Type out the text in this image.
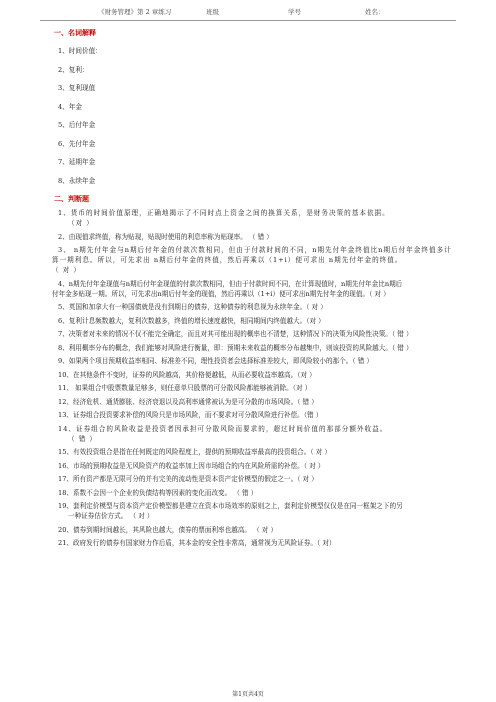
《财务管理》第 2 章练习	班级	学号	姓名：
一、名词解释
1、时间价值：
2、复利：
3、复利现值
4、年金
5、后付年金
6、先付年金
7、延期年金
8、永续年金
二、判断题
1、货币的时间价值原理，正确地揭示了不同时点上资金之间的换算关系，是财务决策的基本依据。
（对 ）
2、由现值求终值，称为贴现，贴现时使用的利息率称为贴现率。 （ 错 ）
3、 n期先付年金与n期后付年金的付款次数相同，但由于付款时间的不同，n期先付年金终值比n期后付年金终值多计
算一期利息。所以，可先求出 n期后付年金的终值，然后再乘以（1+i）便可求出 n期先付年金的终值。
（ 对 ）
4、n期先付年金现值与n期后付年金现值的付款次数相同，但由于付款时间不同，在计算现值时，n期先付年金比n期后
付年金多贴现一期。所以，可先求出n期后付年金的现值，然后再乘以（1+i）便可求出n期先付年金的现值。（ 对 ）
5、英国和加拿大有一种国债就是没有到期日的债券，这种债券的利息视为永续年金。（ 对 ）
6、复利计息频数越大，复利次数越多，终值的增长速度越快，相同期间内终值越大。（对 ）
7、决策者对未来的情况不仅不能完全确定，而且对其可能出现的概率也不清楚，这种情况下的决策为风险性决策。（ 错 ）
8、利用概率分布的概念，我们能够对风险进行衡量，即：预期未来收益的概率分布越集中，则该投资的风险越大。（ 错 ）
9、如果两个项目预期收益率相同、标准差不同，理性投资者会选择标准差较大，即风险较小的那个。（ 错 ）
10、在其他条件不变时，证券的风险越高，其价格便越低，从而必要收益率越高。（对 ）
11、 如果组合中股票数量足够多，则任意单只股票的可分散风险都能够被消除。（对 ）
12、经济危机、通货膨胀、经济衰退以及高利率通常被认为是可分散的市场风险。（ 错 ）
13、证券组合投资要求补偿的风险只是市场风险，而不要求对可分散风险进行补偿。（错 ）
14、证券组合的风险收益是投资者因承担可分散风险而要求的，超过时间价值的那部分额外收益。
（ 错 ）
15、有效投资组合是指在任何既定的风险程度上，提供的预期收益率最高的投资组合。（ 对 ）
16、市场的预期收益是无风险资产的收益率加上因市场组合的内在风险所需的补偿。（ 对 ）
17、所有资产都是无限可分的并有完美的流动性是资本资产定价模型的假定之一。（ 对 ）
18、系数不会因一个企业的负债结构等因素的变化而改变。 （ 错 ）
19、套利定价模型与资本资产定价模型都是建立在资本市场效率的原则之上，套利定价模型仅仅是在同一框架之下的另
一种证券估价方式。 （ 对 ）
20、债券到期时间越长，其风险也越大，债券的票面利率也越高。 （ 对 ）
21、政府发行的债券有国家财力作后盾，其本金的安全性非常高，通常视为无风险证券。（ 对）
第1页共4页
